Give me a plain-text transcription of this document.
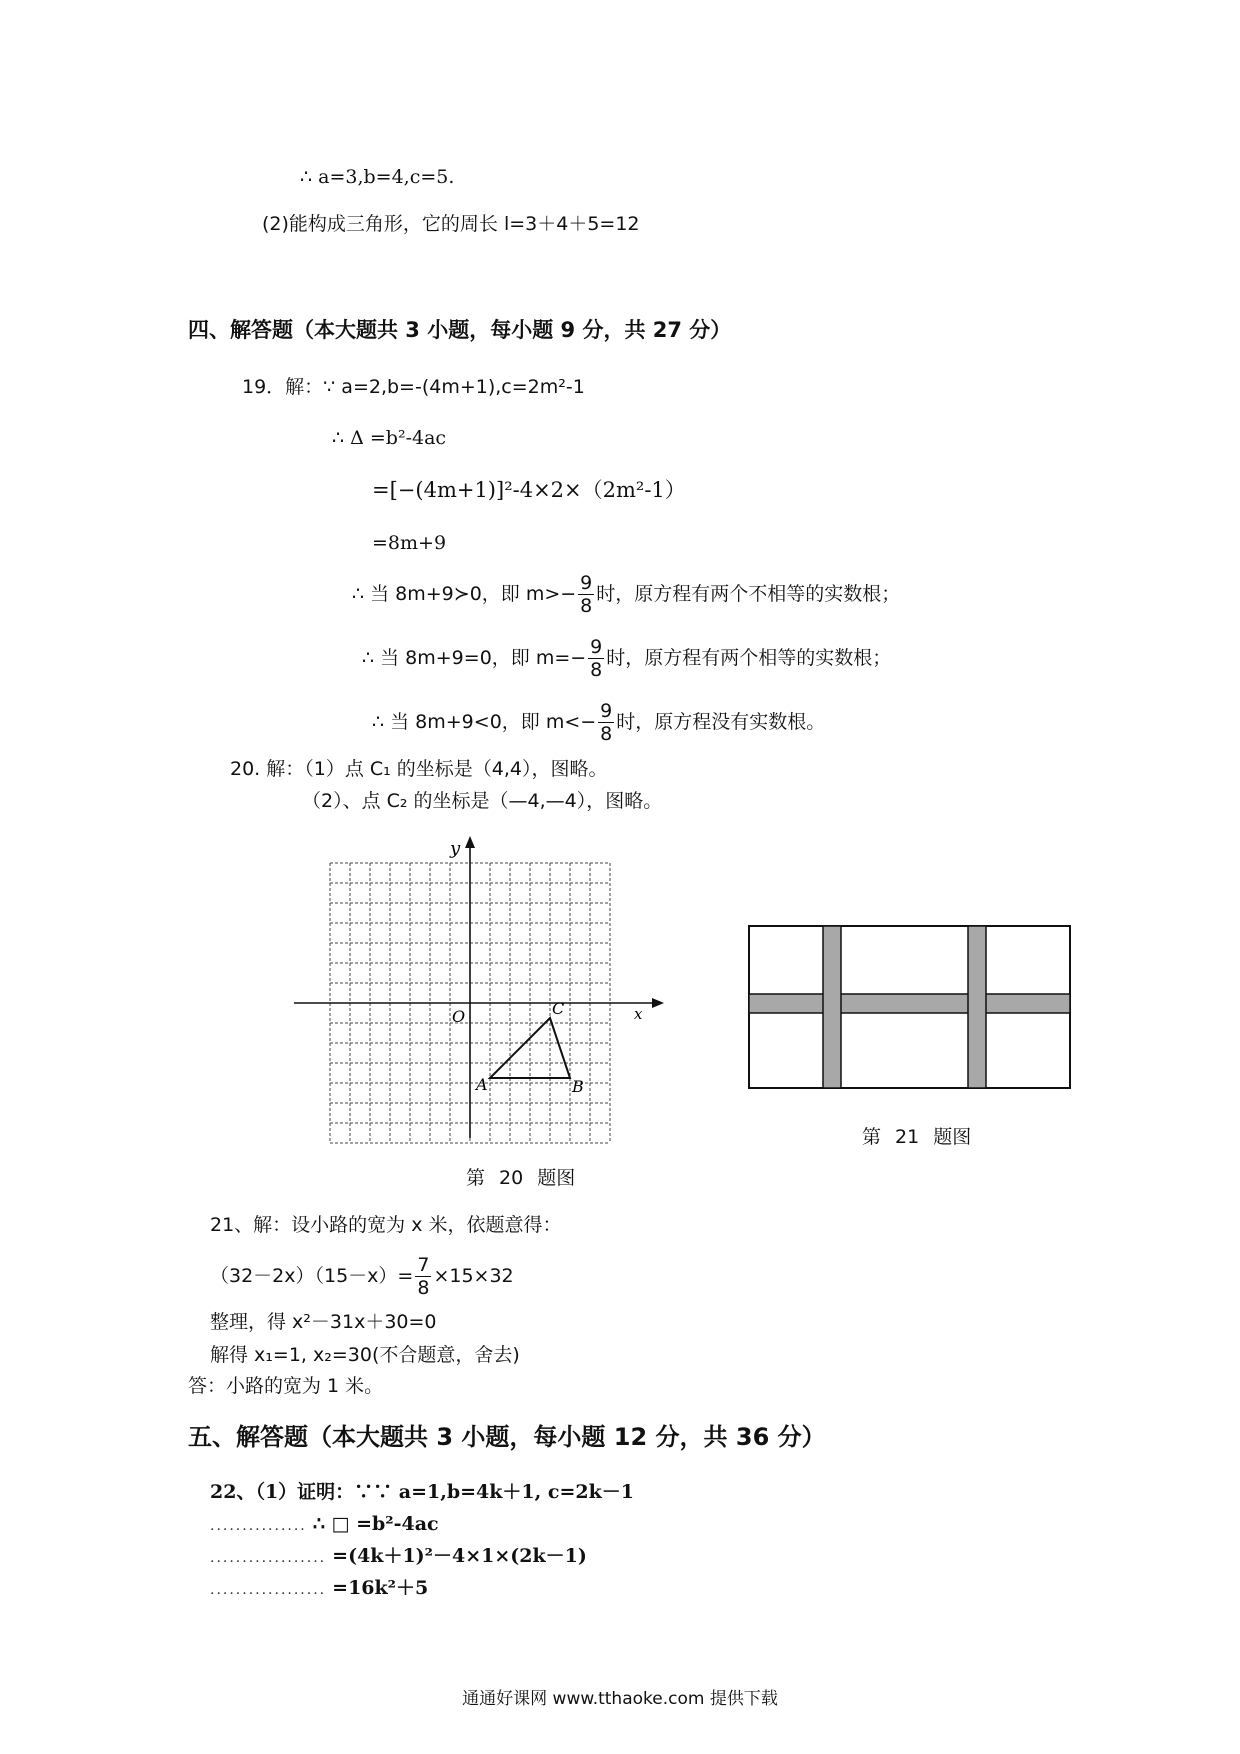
∴ a=3,b=4,c=5.
(2)能构成三角形，它的周长 l=3＋4＋5=12
四、解答题（本大题共 3 小题，每小题 9 分，共 27 分）
19．解：∵ a=2,b=-(4m+1),c=2m²-1
∴ Δ =b²-4ac
=[−(4m+1)]²-4×2×（2m²-1）
=8m+9
∴ 当 8m+9≻0，即 $m>- \frac{9}{8}$ 时，原方程有两个不相等的实数根；
∴ 当 8m+9=0，即 $m=- \frac{9}{8}$ 时，原方程有两个相等的实数根；
∴ 当 8m+9<0，即 $m<- \frac{9}{8}$ 时，原方程没有实数根。
20. 解：（1）点 C₁ 的坐标是（4,4），图略。
（2）、点 C₂ 的坐标是（—4,—4），图略。
y
x
O
A	B
C
第 20 题图
第 21 题图
21、解：设小路的宽为 x 米，依题意得：
$(32-2x)(15-x)= \frac{7}{8} \times 15\times 32$
整理，得 x²－31x＋30=0
解得 x₁=1, x₂=30(不合题意，舍去)
答：小路的宽为 1 米。
五、解答题（本大题共 3 小题，每小题 12 分，共 36 分）
22、（1）证明：∵∵ a=1,b=4k＋1, c=2k－1
............... ∴ □ =b²-4ac
.................. =(4k＋1)²－4×1×(2k－1)
.................. =16k²＋5
通通好课网 www.tthaoke.com 提供下载
